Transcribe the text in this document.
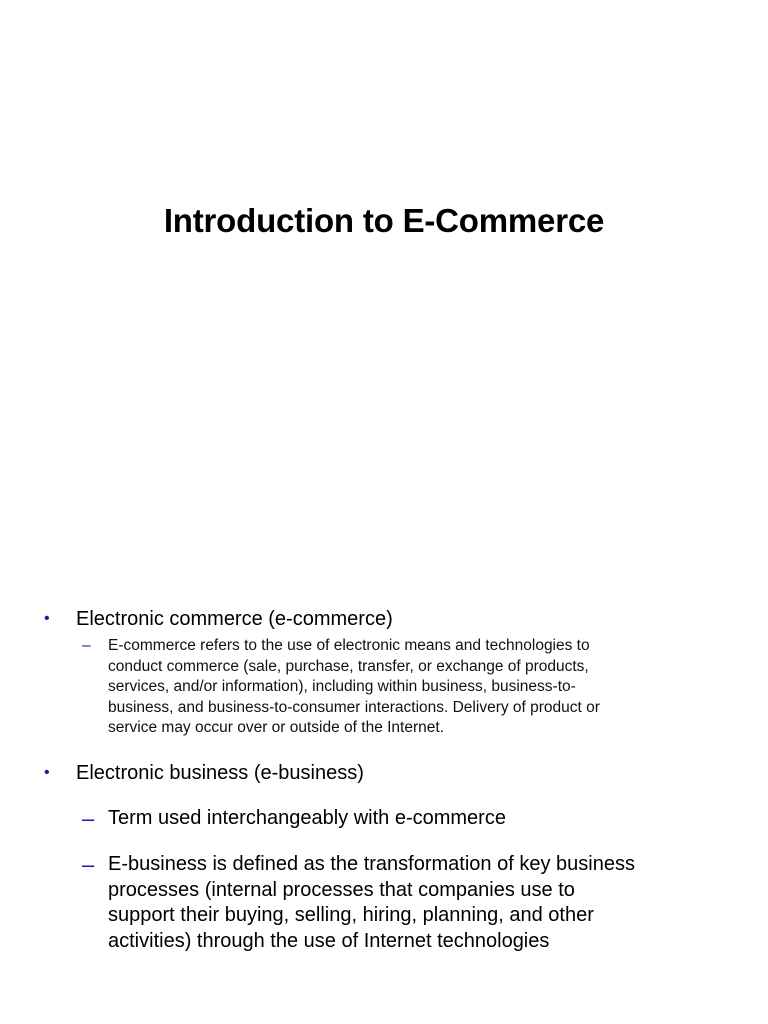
Introduction to E-Commerce
• Electronic commerce (e-commerce)
– E-commerce refers to the use of electronic means and technologies to
conduct commerce (sale, purchase, transfer, or exchange of products,
services, and/or information), including within business, business-to-
business, and business-to-consumer interactions. Delivery of product or
service may occur over or outside of the Internet.
• Electronic business (e-business)
– Term used interchangeably with e-commerce
– E-business is defined as the transformation of key business
processes (internal processes that companies use to
support their buying, selling, hiring, planning, and other
activities) through the use of Internet technologies
